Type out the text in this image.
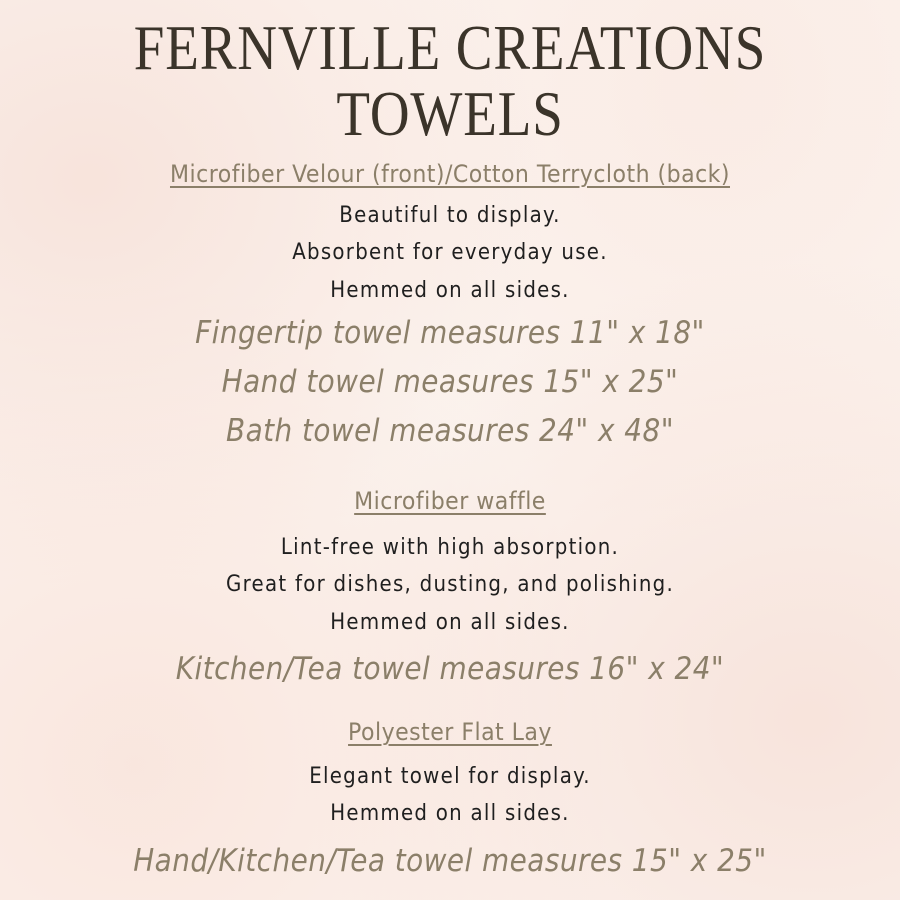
FERNVILLE CREATIONS
TOWELS
Microfiber Velour (front)/Cotton Terrycloth (back)
Beautiful to display.
Absorbent for everyday use.
Hemmed on all sides.
Fingertip towel measures 11" x 18"
Hand towel measures 15" x 25"
Bath towel measures 24" x 48"
Microfiber waffle
Lint-free with high absorption.
Great for dishes, dusting, and polishing.
Hemmed on all sides.
Kitchen/Tea towel measures 16" x 24"
Polyester Flat Lay
Elegant towel for display.
Hemmed on all sides.
Hand/Kitchen/Tea towel measures 15" x 25"
